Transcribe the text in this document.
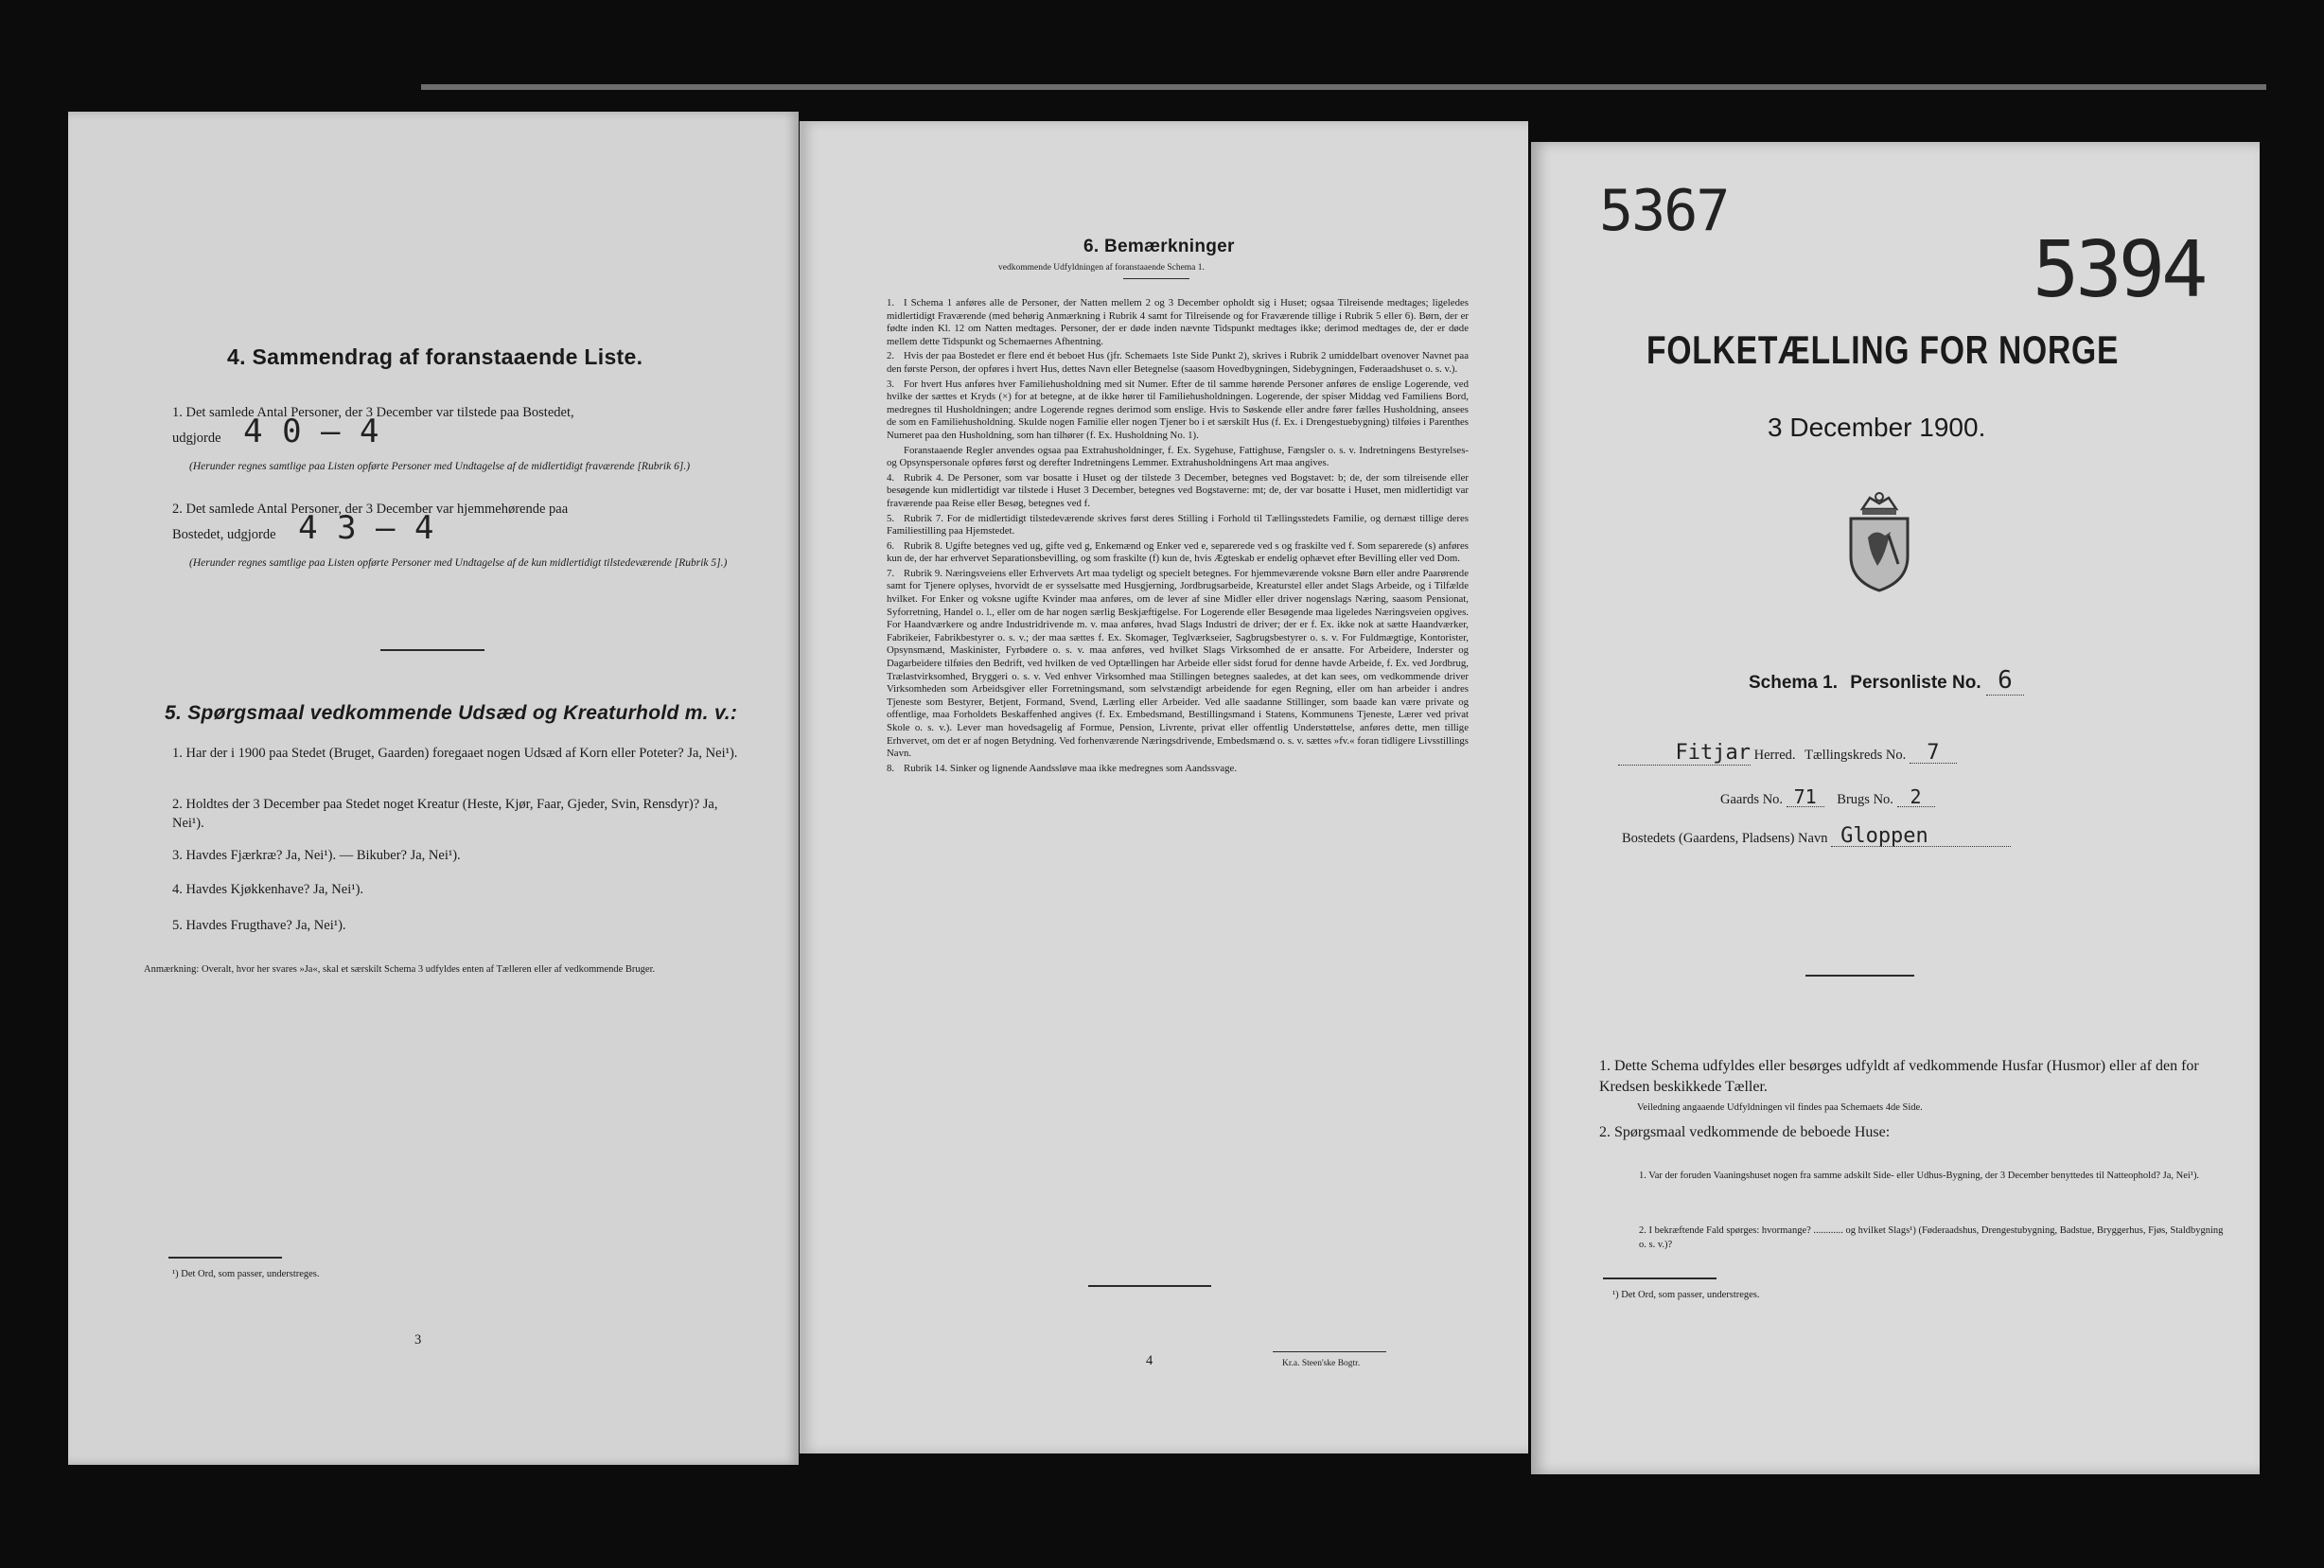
4. Sammendrag af foranstaaende Liste.
1. Det samlede Antal Personer, der 3 December var tilstede paa Bostedet,
udgjorde 4 0 – 4
(Herunder regnes samtlige paa Listen opførte Personer med Undtagelse af de midlertidigt fraværende [Rubrik 6].)
2. Det samlede Antal Personer, der 3 December var hjemmehørende paa
Bostedet, udgjorde 4 3 – 4
(Herunder regnes samtlige paa Listen opførte Personer med Undtagelse af de kun midlertidigt tilstedeværende [Rubrik 5].)
5. Spørgsmaal vedkommende Udsæd og Kreaturhold m. v.:
1. Har der i 1900 paa Stedet (Bruget, Gaarden) foregaaet nogen Udsæd af Korn eller Poteter? Ja, Nei¹).
2. Holdtes der 3 December paa Stedet noget Kreatur (Heste, Kjør, Faar, Gjeder, Svin, Rensdyr)? Ja, Nei¹).
3. Havdes Fjærkræ? Ja, Nei¹). — Bikuber? Ja, Nei¹).
4. Havdes Kjøkkenhave? Ja, Nei¹).
5. Havdes Frugthave? Ja, Nei¹).
Anmærkning: Overalt, hvor her svares »Ja«, skal et særskilt Schema 3 udfyldes enten af Tælleren eller af vedkommende Bruger.
¹) Det Ord, som passer, understreges.
3
6. Bemærkninger
vedkommende Udfyldningen af foranstaaende Schema 1.
1. I Schema 1 anføres alle de Personer, der Natten mellem 2 og 3 December opholdt sig i Huset; ogsaa Tilreisende medtages; ligeledes midlertidigt Fraværende (med behørig Anmærkning i Rubrik 4 samt for Tilreisende og for Fraværende tillige i Rubrik 5 eller 6). Børn, der er fødte inden Kl. 12 om Natten medtages. Personer, der er døde inden nævnte Tidspunkt medtages ikke; derimod medtages de, der er døde mellem dette Tidspunkt og Schemaernes Afhentning.
2. Hvis der paa Bostedet er flere end ét beboet Hus (jfr. Schemaets 1ste Side Punkt 2), skrives i Rubrik 2 umiddelbart ovenover Navnet paa den første Person, der opføres i hvert Hus, dettes Navn eller Betegnelse (saasom Hovedbygningen, Sidebygningen, Føderaadshuset o. s. v.).
3. For hvert Hus anføres hver Familiehusholdning med sit Numer. Efter de til samme hørende Personer anføres de enslige Logerende, ved hvilke der sættes et Kryds (×) for at betegne, at de ikke hører til Familiehusholdningen. Logerende, der spiser Middag ved Familiens Bord, medregnes til Husholdningen; andre Logerende regnes derimod som enslige. Hvis to Søskende eller andre fører fælles Husholdning, ansees de som en Familiehusholdning. Skulde nogen Familie eller nogen Tjener bo i et særskilt Hus (f. Ex. i Drengestuebygning) tilføies i Parenthes Numeret paa den Husholdning, som han tilhører (f. Ex. Husholdning No. 1).
Foranstaaende Regler anvendes ogsaa paa Extrahusholdninger, f. Ex. Sygehuse, Fattighuse, Fængsler o. s. v. Indretningens Bestyrelses- og Opsynspersonale opføres først og derefter Indretningens Lemmer. Extrahusholdningens Art maa angives.
4. Rubrik 4. De Personer, som var bosatte i Huset og der tilstede 3 December, betegnes ved Bogstavet: b; de, der som tilreisende eller besøgende kun midlertidigt var tilstede i Huset 3 December, betegnes ved Bogstaverne: mt; de, der var bosatte i Huset, men midlertidigt var fraværende paa Reise eller Besøg, betegnes ved f.
5. Rubrik 7. For de midlertidigt tilstedeværende skrives først deres Stilling i Forhold til Tællingsstedets Familie, og dernæst tillige deres Familiestilling paa Hjemstedet.
6. Rubrik 8. Ugifte betegnes ved ug, gifte ved g, Enkemænd og Enker ved e, separerede ved s og fraskilte ved f. Som separerede (s) anføres kun de, der har erhvervet Separationsbevilling, og som fraskilte (f) kun de, hvis Ægteskab er endelig ophævet efter Bevilling eller ved Dom.
7. Rubrik 9. Næringsveiens eller Erhvervets Art maa tydeligt og specielt betegnes. For hjemmeværende voksne Børn eller andre Paarørende samt for Tjenere oplyses, hvorvidt de er sysselsatte med Husgjerning, Jordbrugsarbeide, Kreaturstel eller andet Slags Arbeide, og i Tilfælde hvilket. For Enker og voksne ugifte Kvinder maa anføres, om de lever af sine Midler eller driver nogenslags Næring, saasom Pensionat, Syforretning, Handel o. l., eller om de har nogen særlig Beskjæftigelse. For Logerende eller Besøgende maa ligeledes Næringsveien opgives. For Haandværkere og andre Industridrivende m. v. maa anføres, hvad Slags Industri de driver; der er f. Ex. ikke nok at sætte Haandværker, Fabrikeier, Fabrikbestyrer o. s. v.; der maa sættes f. Ex. Skomager, Teglværkseier, Sagbrugsbestyrer o. s. v. For Fuldmægtige, Kontorister, Opsynsmænd, Maskinister, Fyrbødere o. s. v. maa anføres, ved hvilket Slags Virksomhed de er ansatte. For Arbeidere, Inderster og Dagarbeidere tilføies den Bedrift, ved hvilken de ved Optællingen har Arbeide eller sidst forud for denne havde Arbeide, f. Ex. ved Jordbrug, Trælastvirksomhed, Bryggeri o. s. v. Ved enhver Virksomhed maa Stillingen betegnes saaledes, at det kan sees, om vedkommende driver Virksomheden som Arbeidsgiver eller Forretningsmand, som selvstændigt arbeidende for egen Regning, eller om han arbeider i andres Tjeneste som Bestyrer, Betjent, Formand, Svend, Lærling eller Arbeider. Ved alle saadanne Stillinger, som baade kan være private og offentlige, maa Forholdets Beskaffenhed angives (f. Ex. Embedsmand, Bestillingsmand i Statens, Kommunens Tjeneste, Lærer ved privat Skole o. s. v.). Lever man hovedsagelig af Formue, Pension, Livrente, privat eller offentlig Understøttelse, anføres dette, men tillige Erhvervet, om det er af nogen Betydning. Ved forhenværende Næringsdrivende, Embedsmænd o. s. v. sættes »fv.« foran tidligere Livsstillings Navn.
8. Rubrik 14. Sinker og lignende Aandssløve maa ikke medregnes som Aandssvage.
4	Kr.a. Steen'ske Bogtr.
5367
5394
FOLKETÆLLING FOR NORGE
3 December 1900.
Schema 1. Personliste No. 6
Fitjar Herred. Tællingskreds No. 7
Gaards No. 71 Brugs No. 2
Bostedets (Gaardens, Pladsens) Navn Gloppen
1. Dette Schema udfyldes eller besørges udfyldt af vedkommende Husfar (Husmor) eller af den for Kredsen beskikkede Tæller.
Veiledning angaaende Udfyldningen vil findes paa Schemaets 4de Side.
2. Spørgsmaal vedkommende de beboede Huse:
1. Var der foruden Vaaningshuset nogen fra samme adskilt Side- eller Udhus-Bygning, der 3 December benyttedes til Natteophold? Ja, Nei¹).
2. I bekræftende Fald spørges: hvormange? ............ og hvilket Slags¹) (Føderaadshus, Drengestubygning, Badstue, Bryggerhus, Fjøs, Staldbygning o. s. v.)?
¹) Det Ord, som passer, understreges.
